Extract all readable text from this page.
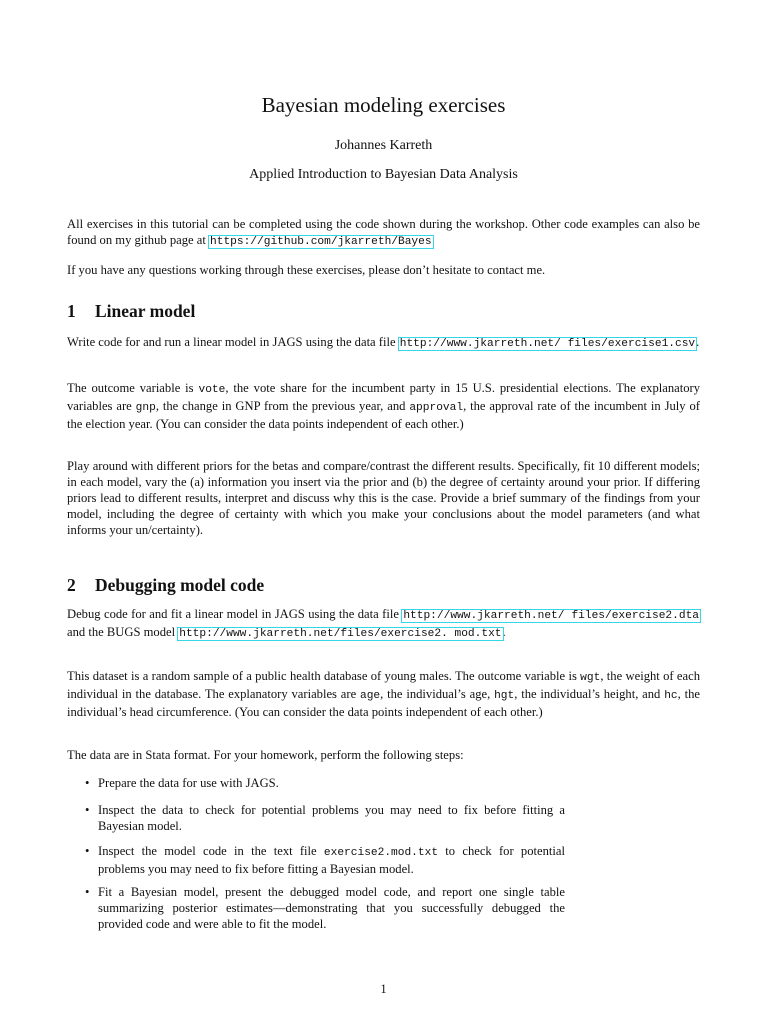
Bayesian modeling exercises
Johannes Karreth
Applied Introduction to Bayesian Data Analysis

All exercises in this tutorial can be completed using the code shown during the workshop. Other code examples can also be found on my github page at https://github.com/jkarreth/Bayes

If you have any questions working through these exercises, please don’t hesitate to contact me.

1 Linear model

Write code for and run a linear model in JAGS using the data file http://www.jkarreth.net/ files/exercise1.csv.

The outcome variable is vote, the vote share for the incumbent party in 15 U.S. presidential elections. The explanatory variables are gnp, the change in GNP from the previous year, and approval, the approval rate of the incumbent in July of the election year. (You can consider the data points independent of each other.)

Play around with different priors for the betas and compare/contrast the different results. Specifically, fit 10 different models; in each model, vary the (a) information you insert via the prior and (b) the degree of certainty around your prior. If differing priors lead to different results, interpret and discuss why this is the case. Provide a brief summary of the findings from your model, including the degree of certainty with which you make your conclusions about the model parameters (and what informs your un/certainty).

2 Debugging model code

Debug code for and fit a linear model in JAGS using the data file http://www.jkarreth.net/ files/exercise2.dta and the BUGS model http://www.jkarreth.net/files/exercise2. mod.txt.

This dataset is a random sample of a public health database of young males. The outcome variable is wgt, the weight of each individual in the database. The explanatory variables are age, the individual’s age, hgt, the individual’s height, and hc, the individual’s head circumference. (You can consider the data points independent of each other.)

The data are in Stata format. For your homework, perform the following steps:

• Prepare the data for use with JAGS.
• Inspect the data to check for potential problems you may need to fix before fitting a Bayesian model.
• Inspect the model code in the text file exercise2.mod.txt to check for potential problems you may need to fix before fitting a Bayesian model.
• Fit a Bayesian model, present the debugged model code, and report one single table summarizing posterior estimates—demonstrating that you successfully debugged the provided code and were able to fit the model.
1
